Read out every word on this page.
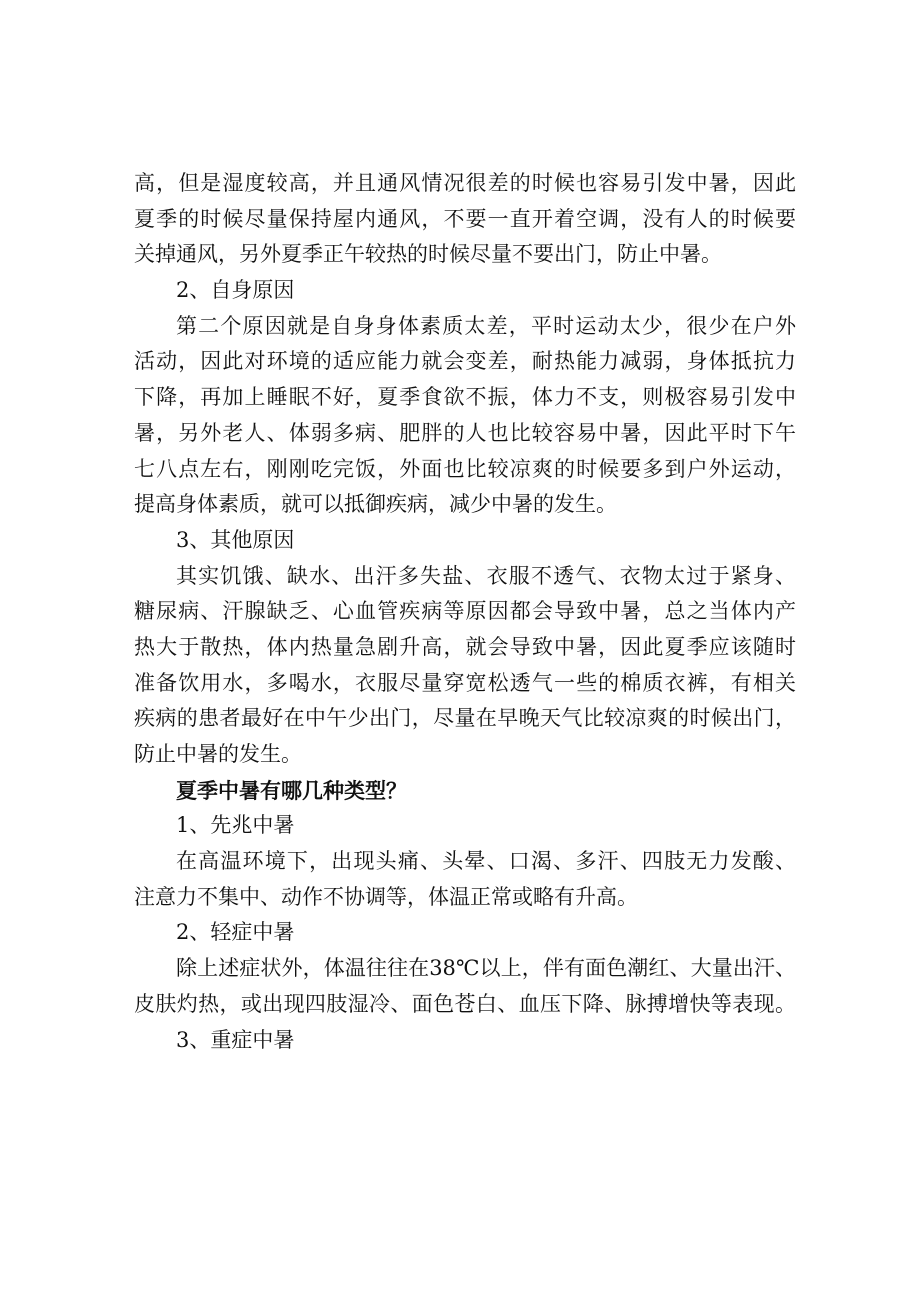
高，但是湿度较高，并且通风情况很差的时候也容易引发中暑，因此
夏季的时候尽量保持屋内通风，不要一直开着空调，没有人的时候要
关掉通风，另外夏季正午较热的时候尽量不要出门，防止中暑。
2、自身原因
第二个原因就是自身身体素质太差，平时运动太少，很少在户外
活动，因此对环境的适应能力就会变差，耐热能力减弱，身体抵抗力
下降，再加上睡眠不好，夏季食欲不振，体力不支，则极容易引发中
暑，另外老人、体弱多病、肥胖的人也比较容易中暑，因此平时下午
七八点左右，刚刚吃完饭，外面也比较凉爽的时候要多到户外运动，
提高身体素质，就可以抵御疾病，减少中暑的发生。
3、其他原因
其实饥饿、缺水、出汗多失盐、衣服不透气、衣物太过于紧身、
糖尿病、汗腺缺乏、心血管疾病等原因都会导致中暑，总之当体内产
热大于散热，体内热量急剧升高，就会导致中暑，因此夏季应该随时
准备饮用水，多喝水，衣服尽量穿宽松透气一些的棉质衣裤，有相关
疾病的患者最好在中午少出门，尽量在早晚天气比较凉爽的时候出门，
防止中暑的发生。
夏季中暑有哪几种类型？
1、先兆中暑
在高温环境下，出现头痛、头晕、口渴、多汗、四肢无力发酸、
注意力不集中、动作不协调等，体温正常或略有升高。
2、轻症中暑
除上述症状外，体温往往在38℃以上，伴有面色潮红、大量出汗、
皮肤灼热，或出现四肢湿冷、面色苍白、血压下降、脉搏增快等表现。
3、重症中暑
